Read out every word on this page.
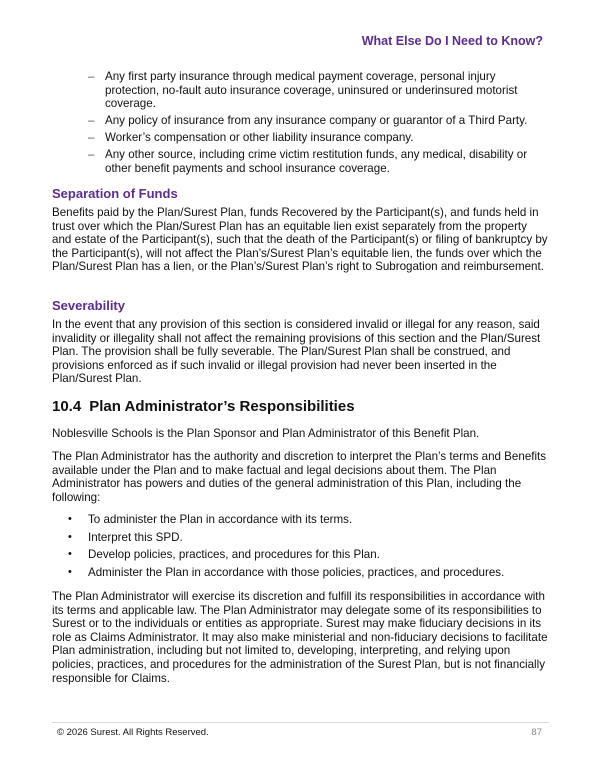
What Else Do I Need to Know?
– Any first party insurance through medical payment coverage, personal injury protection, no-fault auto insurance coverage, uninsured or underinsured motorist coverage.
– Any policy of insurance from any insurance company or guarantor of a Third Party.
– Worker’s compensation or other liability insurance company.
– Any other source, including crime victim restitution funds, any medical, disability or other benefit payments and school insurance coverage.
Separation of Funds

Benefits paid by the Plan/Surest Plan, funds Recovered by the Participant(s), and funds held in trust over which the Plan/Surest Plan has an equitable lien exist separately from the property and estate of the Participant(s), such that the death of the Participant(s) or filing of bankruptcy by the Participant(s), will not affect the Plan’s/Surest Plan’s equitable lien, the funds over which the Plan/Surest Plan has a lien, or the Plan’s/Surest Plan’s right to Subrogation and reimbursement.

Severability

In the event that any provision of this section is considered invalid or illegal for any reason, said invalidity or illegality shall not affect the remaining provisions of this section and the Plan/Surest Plan. The provision shall be fully severable. The Plan/Surest Plan shall be construed, and provisions enforced as if such invalid or illegal provision had never been inserted in the Plan/Surest Plan.

10.4 Plan Administrator’s Responsibilities

Noblesville Schools is the Plan Sponsor and Plan Administrator of this Benefit Plan.

The Plan Administrator has the authority and discretion to interpret the Plan’s terms and Benefits available under the Plan and to make factual and legal decisions about them. The Plan Administrator has powers and duties of the general administration of this Plan, including the following:

• To administer the Plan in accordance with its terms.
• Interpret this SPD.
• Develop policies, practices, and procedures for this Plan.
• Administer the Plan in accordance with those policies, practices, and procedures.

The Plan Administrator will exercise its discretion and fulfill its responsibilities in accordance with its terms and applicable law. The Plan Administrator may delegate some of its responsibilities to Surest or to the individuals or entities as appropriate. Surest may make fiduciary decisions in its role as Claims Administrator. It may also make ministerial and non-fiduciary decisions to facilitate Plan administration, including but not limited to, developing, interpreting, and relying upon policies, practices, and procedures for the administration of the Surest Plan, but is not financially responsible for Claims.

© 2026 Surest. All Rights Reserved.	87
